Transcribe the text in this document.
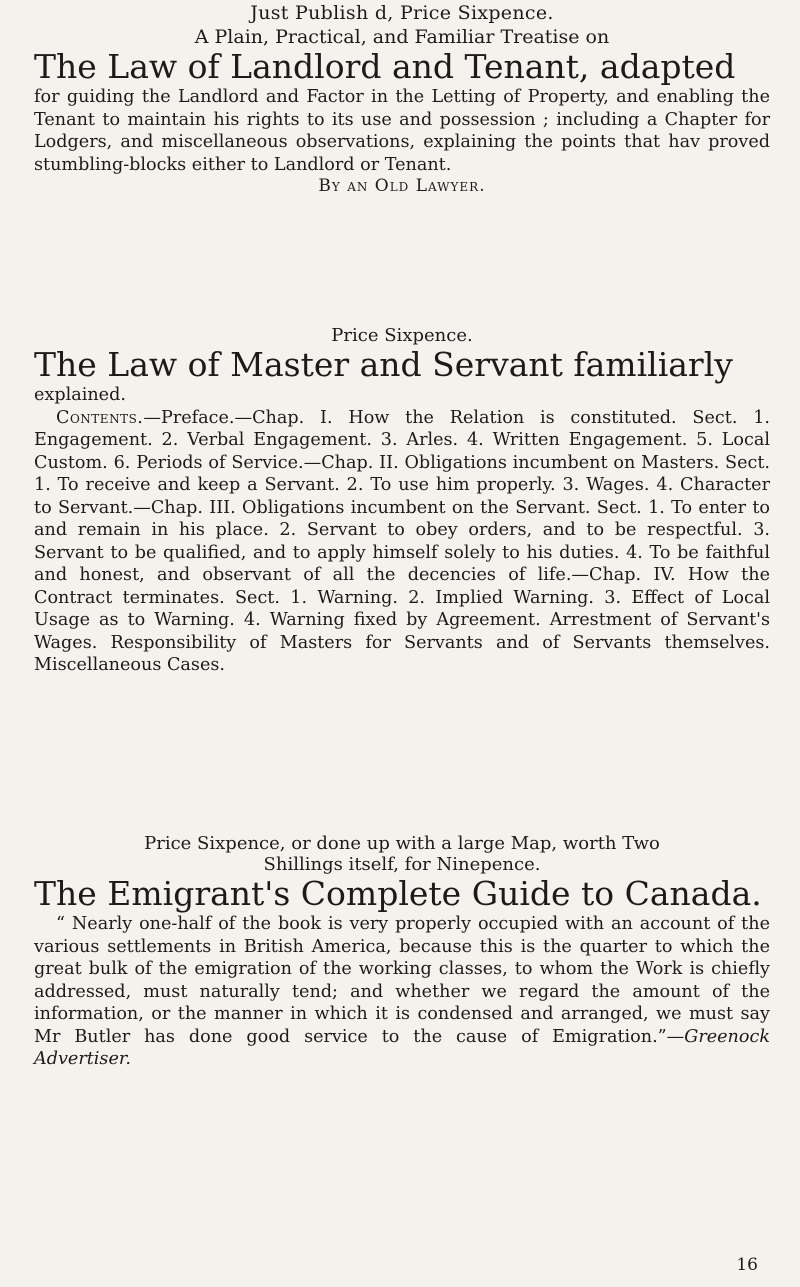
Just Publish d, Price Sixpence.
A Plain, Practical, and Familiar Treatise on
The Law of Landlord and Tenant, adapted
for guiding the Landlord and Factor in the Letting of Property, and enabling the Tenant to maintain his rights to its use and possession ; including a Chapter for Lodgers, and miscellaneous observations, explaining the points that hav proved stumbling-blocks either to Landlord or Tenant.
By an Old Lawyer.
Price Sixpence.
The Law of Master and Servant familiarly
explained.
Contents.—Preface.—Chap. I. How the Relation is constituted. Sect. 1. Engagement. 2. Verbal Engagement. 3. Arles. 4. Written Engagement. 5. Local Custom. 6. Periods of Service.—Chap. II. Obligations incumbent on Masters. Sect. 1. To receive and keep a Servant. 2. To use him properly. 3. Wages. 4. Character to Servant.—Chap. III. Obligations incumbent on the Servant. Sect. 1. To enter to and remain in his place. 2. Servant to obey orders, and to be respectful. 3. Servant to be qualified, and to apply himself solely to his duties. 4. To be faithful and honest, and observant of all the decencies of life.—Chap. IV. How the Contract terminates. Sect. 1. Warning. 2. Implied Warning. 3. Effect of Local Usage as to Warning. 4. Warning fixed by Agreement. Arrestment of Servant's Wages. Responsibility of Masters for Servants and of Servants themselves. Miscellaneous Cases.
Price Sixpence, or done up with a large Map, worth Two
Shillings itself, for Ninepence.
The Emigrant's Complete Guide to Canada.
“ Nearly one-half of the book is very properly occupied with an account of the various settlements in British America, because this is the quarter to which the great bulk of the emigration of the working classes, to whom the Work is chiefly addressed, must naturally tend; and whether we regard the amount of the information, or the manner in which it is condensed and arranged, we must say Mr Butler has done good service to the cause of Emigration.”—Greenock Advertiser.
16
